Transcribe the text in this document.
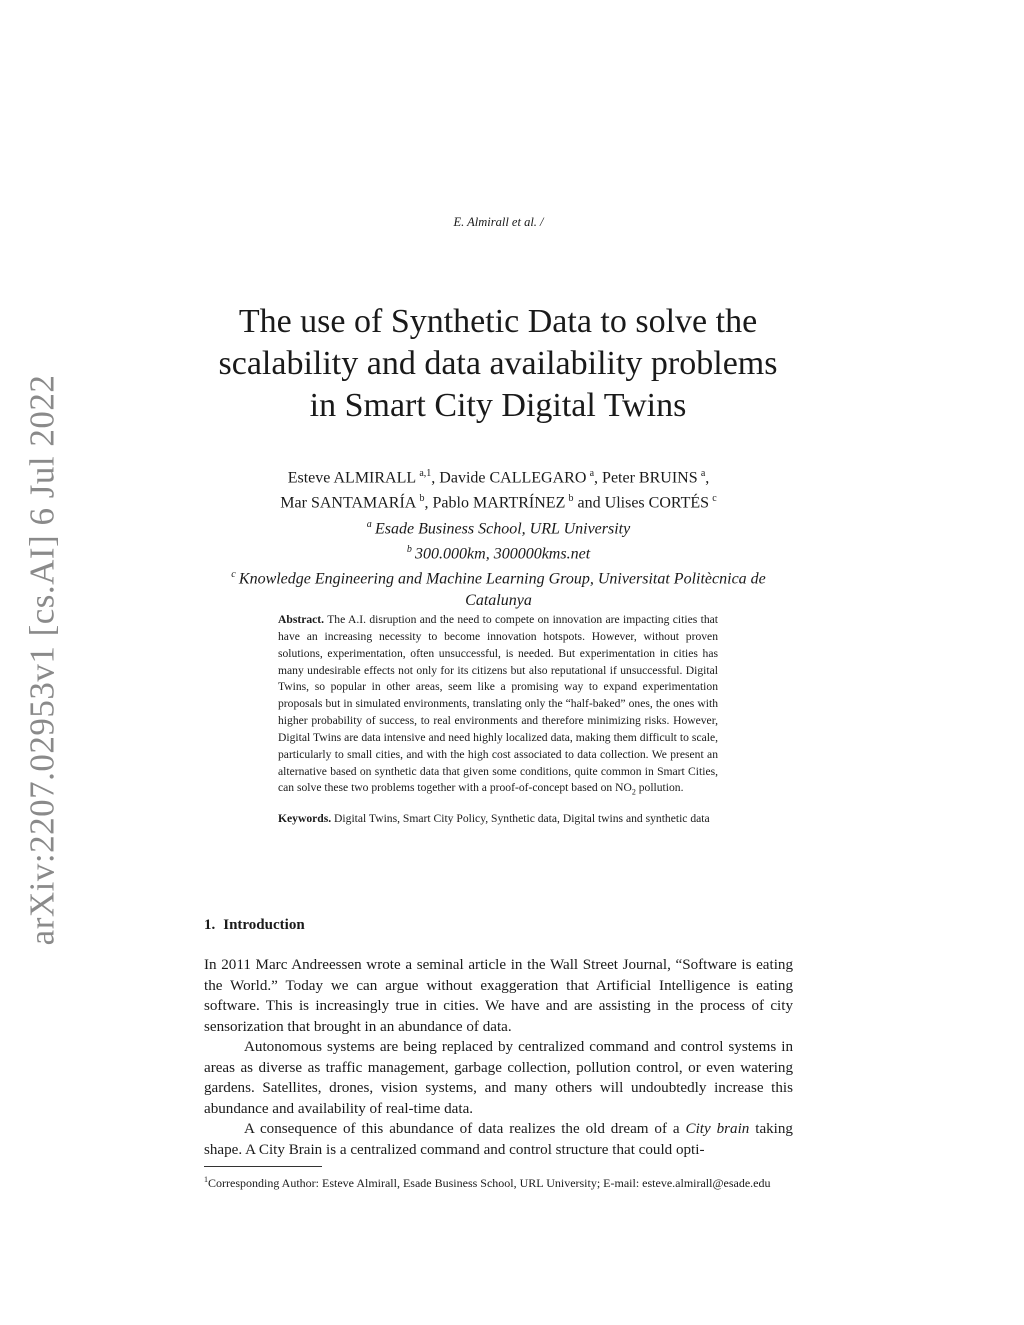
arXiv:2207.02953v1 [cs.AI] 6 Jul 2022
E. Almirall et al. /
The use of Synthetic Data to solve the
scalability and data availability problems
in Smart City Digital Twins
Esteve ALMIRALL  $^{a,1}$, Davide CALLEGARO  $^a$, Peter BRUINS  $^a$,
Mar SANTAMARÍA  $^b$, Pablo MARTRÍNEZ  $^b$ and Ulises CORTÉS  $^c$
$^a$  Esade Business School, URL University
$^b$  300.000km, 300000kms.net
$^c$  Knowledge Engineering and Machine Learning Group, Universitat Politècnica de
Catalunya

Abstract. The A.I. disruption and the need to compete on innovation are impacting cities that have an increasing necessity to become innovation hotspots. However, without proven solutions, experimentation, often unsuccessful, is needed. But experimentation in cities has many undesirable effects not only for its citizens but also reputational if unsuccessful. Digital Twins, so popular in other areas, seem like a promising way to expand experimentation proposals but in simulated environments, translating only the “half-baked” ones, the ones with higher probability of success, to real environments and therefore minimizing risks. However, Digital Twins are data intensive and need highly localized data, making them difficult to scale, particularly to small cities, and with the high cost associated to data collection. We present an alternative based on synthetic data that given some conditions, quite common in Smart Cities, can solve these two problems together with a proof-of-concept based on $NO_2$ pollution.

Keywords. Digital Twins, Smart City Policy, Synthetic data, Digital twins and synthetic data

1. Introduction

In 2011 Marc Andreessen wrote a seminal article in the Wall Street Journal, “Software is eating the World.” Today we can argue without exaggeration that Artificial Intelligence is eating software. This is increasingly true in cities. We have and are assisting in the process of city sensorization that brought in an abundance of data.

Autonomous systems are being replaced by centralized command and control systems in areas as diverse as traffic management, garbage collection, pollution control, or even watering gardens. Satellites, drones, vision systems, and many others will undoubtedly increase this abundance and availability of real-time data.

A consequence of this abundance of data realizes the old dream of a City brain taking shape. A City Brain is a centralized command and control structure that could opti-

$^1$Corresponding Author: Esteve Almirall, Esade Business School, URL University; E-mail: esteve.almirall@esade.edu
